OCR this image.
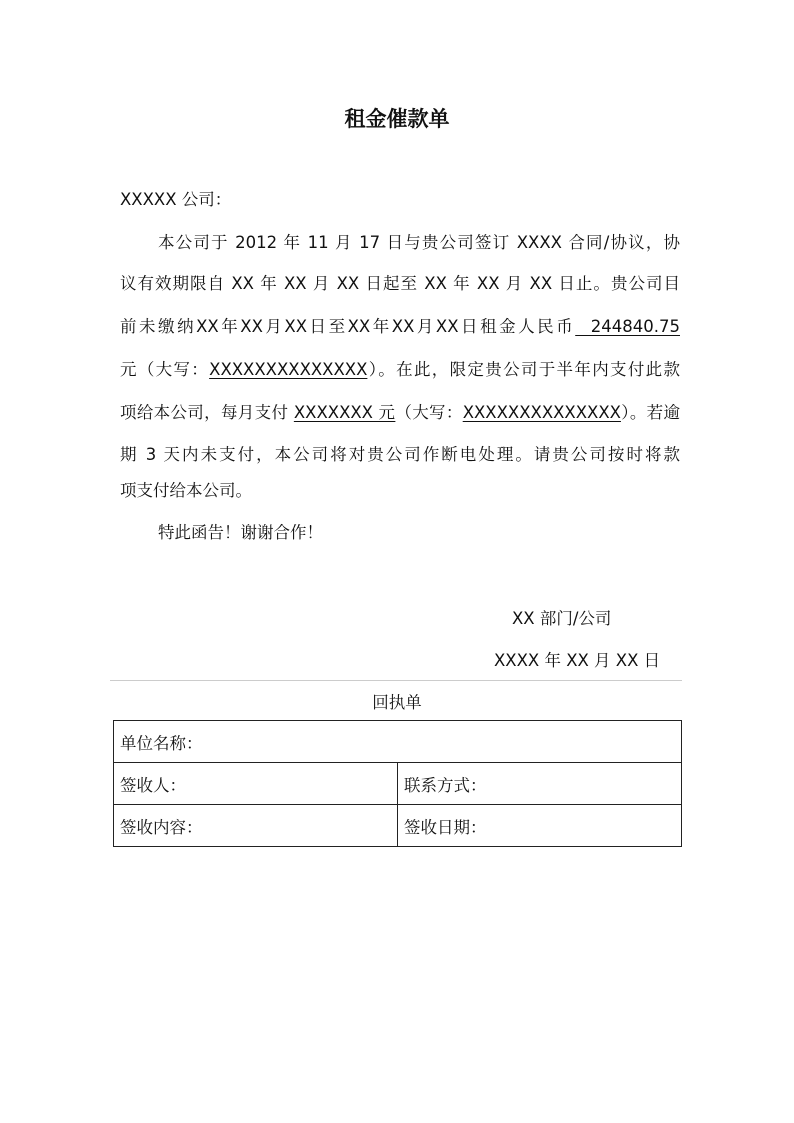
租金催款单
XXXXX 公司：
本公司于 2012 年 11 月 17 日与贵公司签订 XXXX 合同/协议，协
议有效期限自 XX 年 XX 月 XX 日起至 XX 年 XX 月 XX 日止。贵公司目
前未缴纳XX年XX月XX日至XX年XX月XX日租金人民币  244840.75
元（大写：XXXXXXXXXXXXXX）。在此，限定贵公司于半年内支付此款
项给本公司，每月支付 XXXXXXX 元（大写：XXXXXXXXXXXXXX）。若逾
期 3 天内未支付，本公司将对贵公司作断电处理。请贵公司按时将款
项支付给本公司。
特此函告！谢谢合作！
XX 部门/公司
XXXX 年 XX 月 XX 日
回执单
单位名称：	
签收人：	联系方式：
签收内容：	签收日期：
